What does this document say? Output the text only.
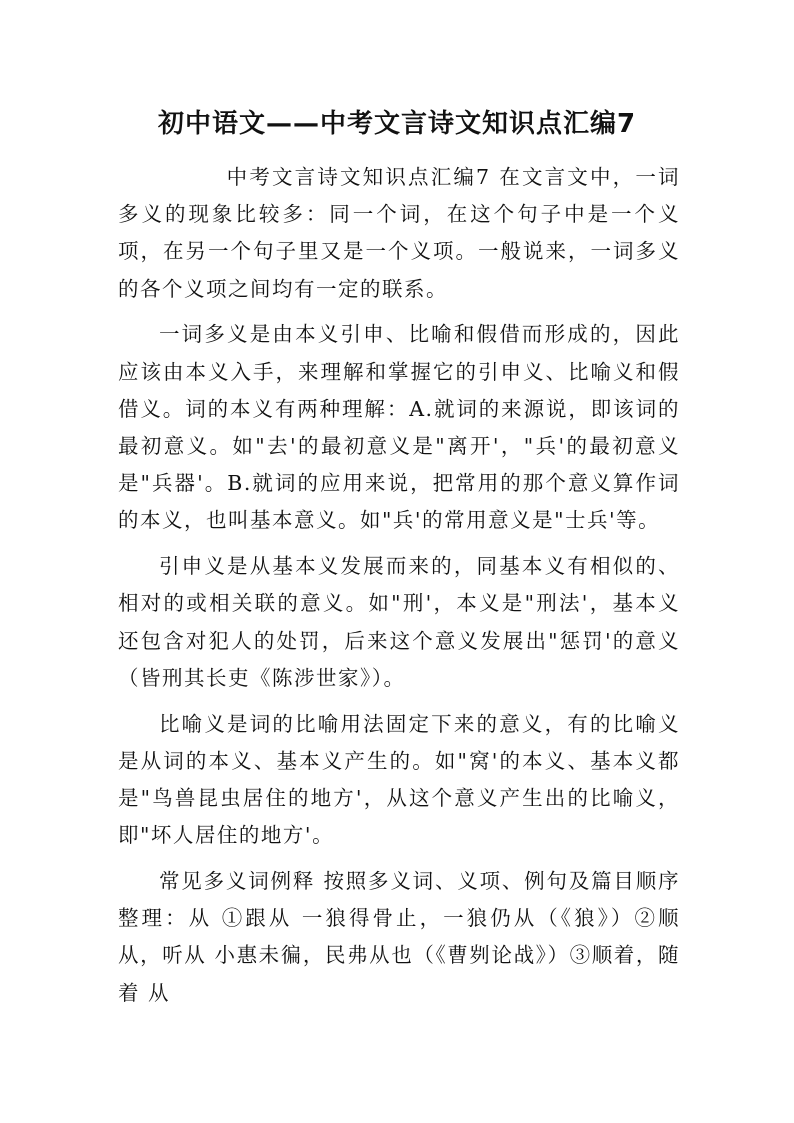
初中语文——中考文言诗文知识点汇编7

中考文言诗文知识点汇编7 在文言文中，一词多义的现象比较多：同一个词，在这个句子中是一个义项，在另一个句子里又是一个义项。一般说来，一词多义的各个义项之间均有一定的联系。

一词多义是由本义引申、比喻和假借而形成的，因此应该由本义入手，来理解和掌握它的引申义、比喻义和假借义。词的本义有两种理解：A.就词的来源说，即该词的最初意义。如"去'的最初意义是"离开'，"兵'的最初意义是"兵器'。B.就词的应用来说，把常用的那个意义算作词的本义，也叫基本意义。如"兵'的常用意义是"士兵'等。

引申义是从基本义发展而来的，同基本义有相似的、相对的或相关联的意义。如"刑'，本义是"刑法'，基本义还包含对犯人的处罚，后来这个意义发展出"惩罚'的意义（皆刑其长吏《陈涉世家》）。

比喻义是词的比喻用法固定下来的意义，有的比喻义是从词的本义、基本义产生的。如"窝'的本义、基本义都是"鸟兽昆虫居住的地方'，从这个意义产生出的比喻义，即"坏人居住的地方'。

常见多义词例释 按照多义词、义项、例句及篇目顺序整理：从 ①跟从 一狼得骨止，一狼仍从（《狼》）②顺从，听从 小惠未徧，民弗从也（《曹刿论战》）③顺着，随着 从
